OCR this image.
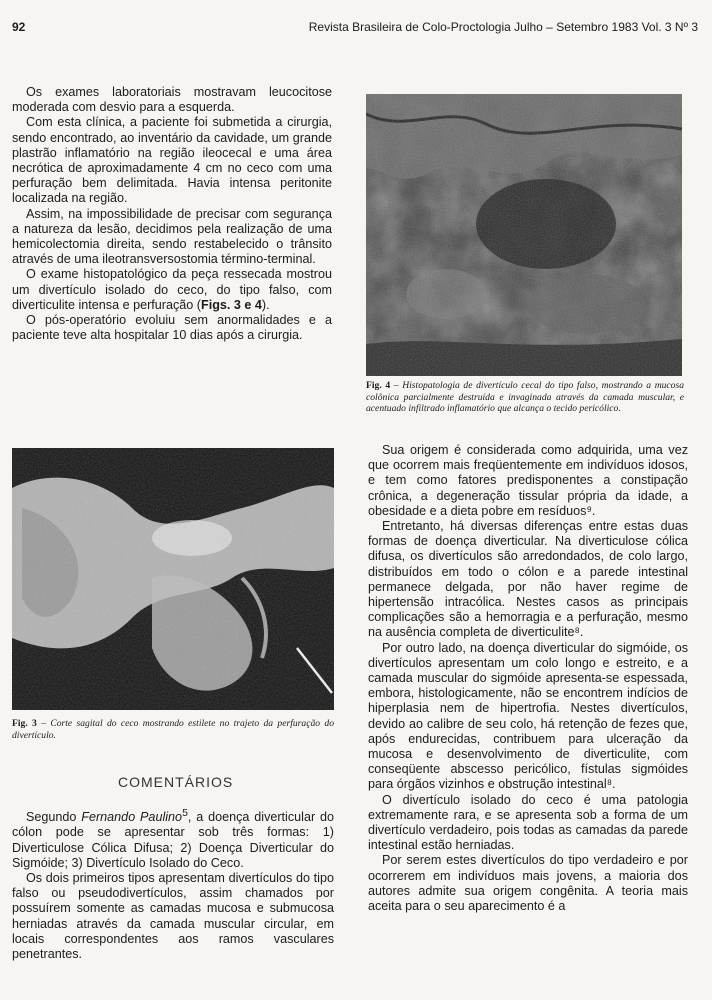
92	Revista Brasileira de Colo-Proctologia Julho – Setembro 1983 Vol. 3 Nº 3

Os exames laboratoriais mostravam leucocitose moderada com desvio para a esquerda.

Com esta clínica, a paciente foi submetida a cirurgia, sendo encontrado, ao inventário da cavidade, um grande plastrão inflamatório na região ileocecal e uma área necrótica de aproximadamente 4 cm no ceco com uma perfuração bem delimitada. Havia intensa peritonite localizada na região.

Assim, na impossibilidade de precisar com segurança a natureza da lesão, decidimos pela realização de uma hemicolectomia direita, sendo restabelecido o trânsito através de uma ileotransversostomia término-terminal.

O exame histopatológico da peça ressecada mostrou um divertículo isolado do ceco, do tipo falso, com diverticulite intensa e perfuração (Figs. 3 e 4).

O pós-operatório evoluiu sem anormalidades e a paciente teve alta hospitalar 10 dias após a cirurgia.

Fig. 4 – Histopatologia de divertículo cecal do tipo falso, mostrando a mucosa colônica parcialmente destruída e invaginada através da camada muscular, e acentuado infiltrado inflamatório que alcança o tecido pericólico.
Fig. 3 – Corte sagital do ceco mostrando estilete no trajeto da perfuração do divertículo.
COMENTÁRIOS

Segundo Fernando Paulino$^5$, a doença diverticular do cólon pode se apresentar sob três formas: 1) Diverticulose Cólica Difusa; 2) Doença Diverticular do Sigmóide; 3) Divertículo Isolado do Ceco.

Os dois primeiros tipos apresentam divertículos do tipo falso ou pseudodivertículos, assim chamados por possuírem somente as camadas mucosa e submucosa herniadas através da camada muscular circular, em locais correspondentes aos ramos vasculares penetrantes.

Sua origem é considerada como adquirida, uma vez que ocorrem mais freqüentemente em indivíduos idosos, e tem como fatores predisponentes a constipação crônica, a degeneração tissular própria da idade, a obesidade e a dieta pobre em resíduos⁹.

Entretanto, há diversas diferenças entre estas duas formas de doença diverticular. Na diverticulose cólica difusa, os divertículos são arredondados, de colo largo, distribuídos em todo o cólon e a parede intestinal permanece delgada, por não haver regime de hipertensão intracólica. Nestes casos as principais complicações são a hemorragia e a perfuração, mesmo na ausência completa de diverticulite⁸.

Por outro lado, na doença diverticular do sigmóide, os divertículos apresentam um colo longo e estreito, e a camada muscular do sigmóide apresenta-se espessada, embora, histologicamente, não se encontrem indícios de hiperplasia nem de hipertrofia. Nestes divertículos, devido ao calibre de seu colo, há retenção de fezes que, após endurecidas, contribuem para ulceração da mucosa e desenvolvimento de diverticulite, com conseqüente abscesso pericólico, fístulas sigmóides para órgãos vizinhos e obstrução intestinal⁸.

O divertículo isolado do ceco é uma patologia extremamente rara, e se apresenta sob a forma de um divertículo verdadeiro, pois todas as camadas da parede intestinal estão herniadas.

Por serem estes divertículos do tipo verdadeiro e por ocorrerem em indivíduos mais jovens, a maioria dos autores admite sua origem congênita. A teoria mais aceita para o seu aparecimento é a
